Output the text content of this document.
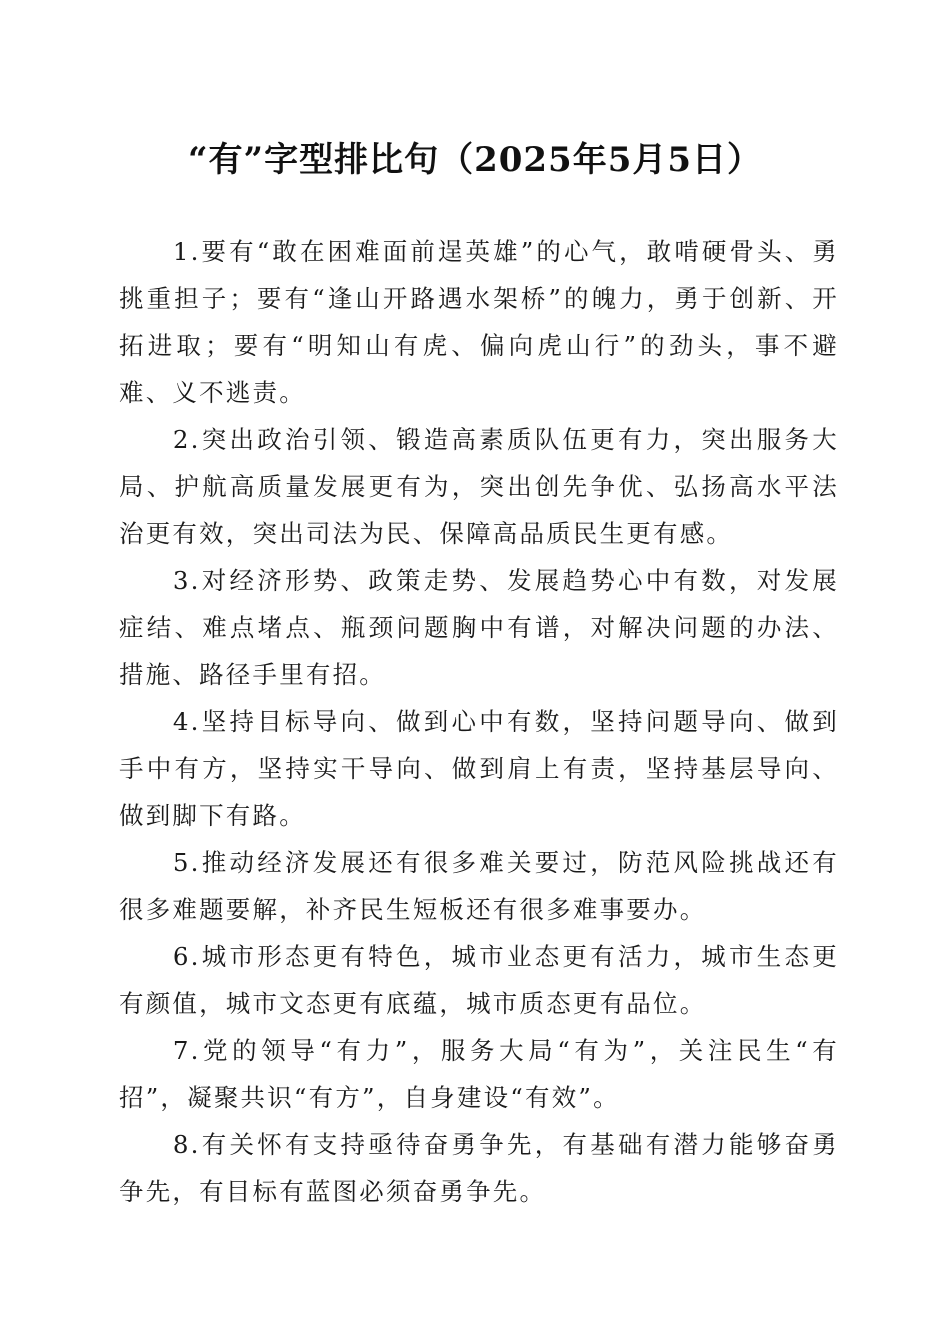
“有”字型排比句（2025年5月5日）

1.要有“敢在困难面前逞英雄”的心气，敢啃硬骨头、勇挑重担子；要有“逢山开路遇水架桥”的魄力，勇于创新、开拓进取；要有“明知山有虎、偏向虎山行”的劲头，事不避难、义不逃责。

2.突出政治引领、锻造高素质队伍更有力，突出服务大局、护航高质量发展更有为，突出创先争优、弘扬高水平法治更有效，突出司法为民、保障高品质民生更有感。

3.对经济形势、政策走势、发展趋势心中有数，对发展症结、难点堵点、瓶颈问题胸中有谱，对解决问题的办法、措施、路径手里有招。

4.坚持目标导向、做到心中有数，坚持问题导向、做到手中有方，坚持实干导向、做到肩上有责，坚持基层导向、做到脚下有路。

5.推动经济发展还有很多难关要过，防范风险挑战还有很多难题要解，补齐民生短板还有很多难事要办。

6.城市形态更有特色，城市业态更有活力，城市生态更有颜值，城市文态更有底蕴，城市质态更有品位。

7.党的领导“有力”，服务大局“有为”，关注民生“有招”，凝聚共识“有方”，自身建设“有效”。

8.有关怀有支持亟待奋勇争先，有基础有潜力能够奋勇争先，有目标有蓝图必须奋勇争先。
